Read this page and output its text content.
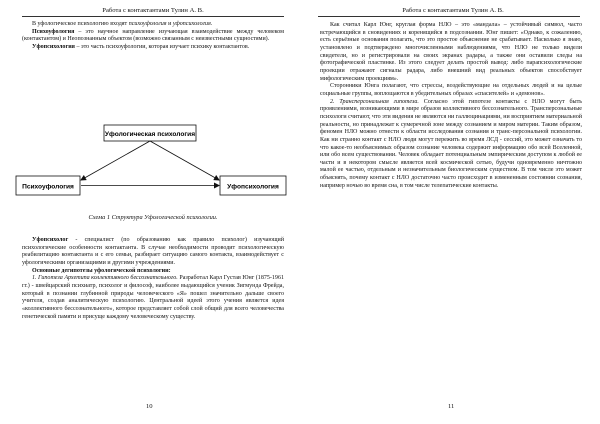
Работа с контактантами Тулин А. В.

В уфологическое психологию входят психоуфология и уфопсихология.

Психоуфология – это научное направление изучающая взаимодействие между человеком (контактантом) и Неопознанным объектом (возможно связанным с неизвестными сущностями).

Уфопсихология – это часть психоуфологии, которая изучает психику контактантов.

Уфологическая психология
Психоуфология	Уфопсихология
Схема 1 Структура Уфологической психологии.

Уфопсихолог - специалист (по образованию как правило психолог) изучающий психологические особенности контактанта. В случае необходимости проводит психологическую реабилитацию контактанта и с его семьи, разбирает ситуацию самого контакта, взаимодействует с уфологическими организациями и другими учреждениями.

Основные дегипотезы уфологической психологии:

1. Гипотеза Архетипа коллективного бессознательного. Разработал Карл Густав Юнг (1875-1961 гг.) - швейцарский психиатр, психолог и философ, наиболее выдающийся ученик Зигмунда Фрейда, который в познании глубинной природы человеческого «Я» пошел значительно дальше своего учителя, создав аналитическую психологию. Центральной идеей этого учения является идея «коллективного бессознательного», которое представляет собой слой общий для всего человечества генетической памяти и присуще каждому человеческому существу.

10
Работа с контактантами Тулин А. В.

Как считал Карл Юнг, круглая форма НЛО – это «мандала» – устойчивый символ, часто встречающийся в сновидениях и коренящийся в подсознании. Юнг пишет: «Однако, к сожалению, есть серьёзные основания полагать, что это простое объяснение не срабатывает. Насколько я знаю, установлено и подтверждено многочисленными наблюдениями, что НЛО не только видели свидетели, но и регистрировали на своих экранах радары, а также они оставили следы на фотографической пластинке. Из этого следует делать простой вывод: либо парапсихологические проекции отражают сигналы радара, либо внешний вид реальных объектов способствует мифологическим проекциям».

Сторонники Юнга полагают, что стрессы, воздействующие на отдельных людей и на целые социальные группы, воплощаются в убедительных образах «спасителей» и «демонов».

2. Трансперсональная гипотеза. Согласно этой гипотезе контакты с НЛО могут быть проявлениями, возникающими в мире образов коллективного бессознательного. Трансперсональные психологи считают, что эти видения не являются ни галлюцинациями, ни восприятием материальной реальности, но принадлежат к сумеречной зоне между сознанием и миром материи. Таким образом, феномен НЛО можно отнести к области исследования сознания и транс-персональной психологии. Как ни странно контакт с НЛО люди могут пережить во время ЛСД - сессий, это может означать то что какое-то необъяснимых образом сознание человека содержит информацию обо всей Вселенной, или обо всем существовании. Человек обладает потенциальным эмпирическим доступом к любой ее части и в некотором смысле является всей космической сетью, будучи одновременно ничтожно малой ее частью, отдельным и незначительным биологическим существом. В том числе это может объяснять, почему контакт с НЛО достаточно часто происходит в измененным состоянии сознания, например ночью во время сна, в том числе телепатические контакты.

11
